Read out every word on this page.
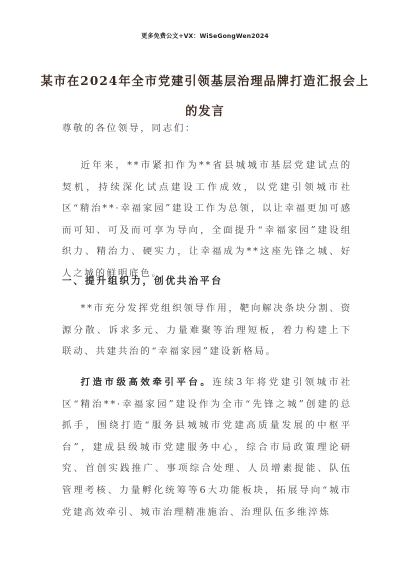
更多免费公文+VX：WiSeGongWen2024
某市在2024年全市党建引领基层治理品牌打造汇报会上的发言
尊敬的各位领导，同志们：
近年来，**市紧扣作为**省县城城市基层党建试点的契机，持续深化试点建设工作成效，以党建引领城市社区“精治**·幸福家园”建设工作为总领，以让幸福更加可感而可知、可及而可享为导向，全面提升“幸福家园”建设组织力、精治力、硬实力，让幸福成为**这座先锋之城、好人之城的鲜明底色。
一、提升组织力，创优共治平台
**市充分发挥党组织领导作用，靶向解决条块分割、资源分散、诉求多元、力量难聚等治理短板，着力构建上下联动、共建共治的“幸福家园”建设新格局。
打造市级高效牵引平台。连续3年将党建引领城市社区“精治**·幸福家园”建设作为全市“先锋之城”创建的总抓手，围绕打造“服务县城城市党建高质量发展的中枢平台”，建成县级城市党建服务中心，综合市局政策理论研究、首创实践推广、事项综合处理、人员增素提能、队伍管理考核、力量孵化统筹等6大功能板块，拓展导向“城市党建高效牵引、城市治理精准施治、治理队伍多维淬炼
